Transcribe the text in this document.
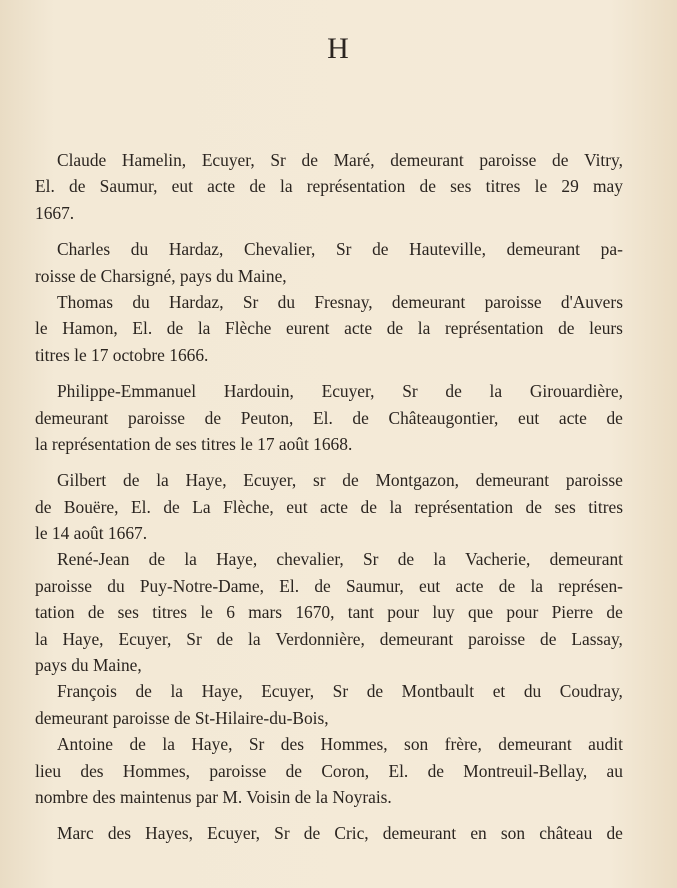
H
Claude Hamelin, Ecuyer, Sr de Maré, demeurant paroisse de Vitry,
El. de Saumur, eut acte de la représentation de ses titres le 29 may
1667.
Charles du Hardaz, Chevalier, Sr de Hauteville, demeurant pa-
roisse de Charsigné, pays du Maine,
Thomas du Hardaz, Sr du Fresnay, demeurant paroisse d'Auvers
le Hamon, El. de la Flèche eurent acte de la représentation de leurs
titres le 17 octobre 1666.
Philippe-Emmanuel Hardouin, Ecuyer, Sr de la Girouardière,
demeurant paroisse de Peuton, El. de Châteaugontier, eut acte de
la représentation de ses titres le 17 août 1668.
Gilbert de la Haye, Ecuyer, sr de Montgazon, demeurant paroisse
de Bouëre, El. de La Flèche, eut acte de la représentation de ses titres
le 14 août 1667.
René-Jean de la Haye, chevalier, Sr de la Vacherie, demeurant
paroisse du Puy-Notre-Dame, El. de Saumur, eut acte de la représen-
tation de ses titres le 6 mars 1670, tant pour luy que pour Pierre de
la Haye, Ecuyer, Sr de la Verdonnière, demeurant paroisse de Lassay,
pays du Maine,
François de la Haye, Ecuyer, Sr de Montbault et du Coudray,
demeurant paroisse de St-Hilaire-du-Bois,
Antoine de la Haye, Sr des Hommes, son frère, demeurant audit
lieu des Hommes, paroisse de Coron, El. de Montreuil-Bellay, au
nombre des maintenus par M. Voisin de la Noyrais.
Marc des Hayes, Ecuyer, Sr de Cric, demeurant en son château de
